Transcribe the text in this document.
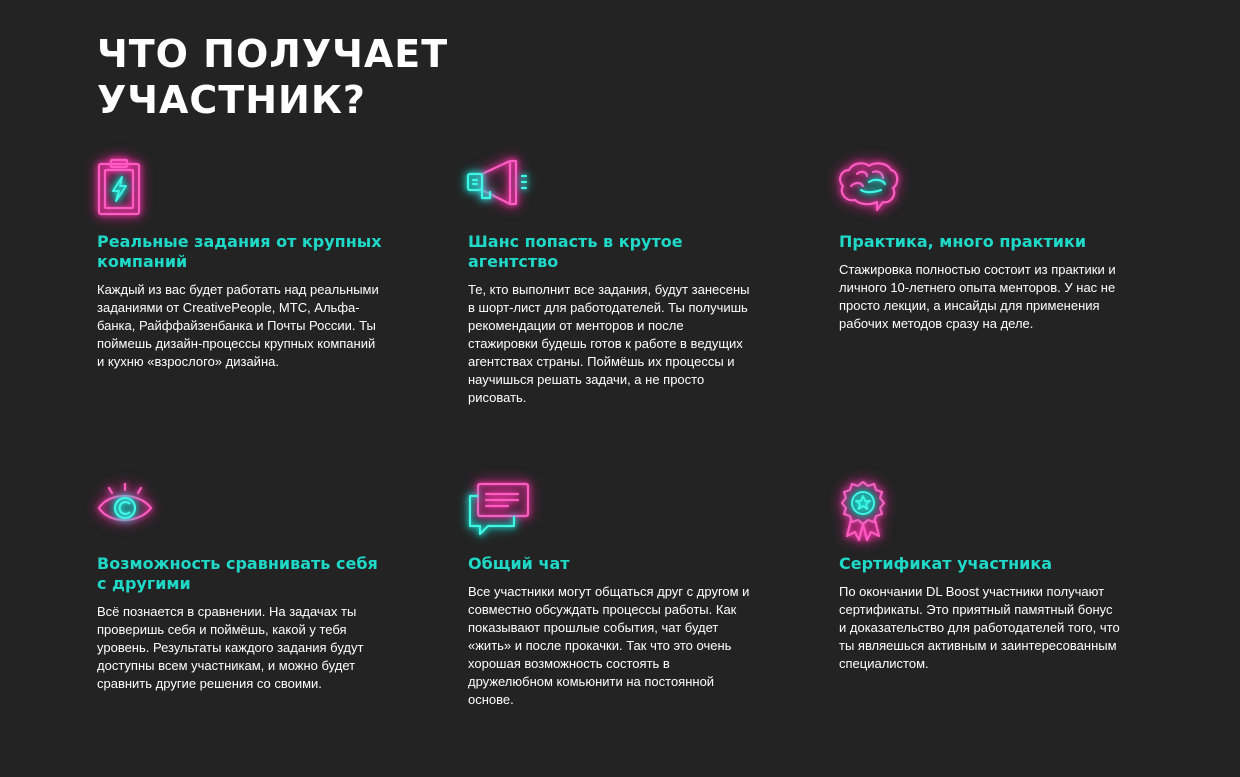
ЧТО ПОЛУЧАЕТ
УЧАСТНИК?
Реальные задания от крупных компаний

Каждый из вас будет работать над реальными заданиями от CreativePeople, МТС, Альфа-банка, Райффайзенбанка и Почты России. Ты поймешь дизайн-процессы крупных компаний и кухню «взрослого» дизайна.

Шанс попасть в крутое агентство

Те, кто выполнит все задания, будут занесены в шорт-лист для работодателей. Ты получишь рекомендации от менторов и после стажировки будешь готов к работе в ведущих агентствах страны. Поймёшь их процессы и научишься решать задачи, а не просто рисовать.

Практика, много практики

Стажировка полностью состоит из практики и личного 10-летнего опыта менторов. У нас не просто лекции, а инсайды для применения рабочих методов сразу на деле.

Возможность сравнивать себя с другими

Всё познается в сравнении. На задачах ты проверишь себя и поймёшь, какой у тебя уровень. Результаты каждого задания будут доступны всем участникам, и можно будет сравнить другие решения со своими.

Общий чат

Все участники могут общаться друг с другом и совместно обсуждать процессы работы. Как показывают прошлые события, чат будет «жить» и после прокачки. Так что это очень хорошая возможность состоять в дружелюбном комьюнити на постоянной основе.

Сертификат участника

По окончании DL Boost участники получают сертификаты. Это приятный памятный бонус и доказательство для работодателей того, что ты являешься активным и заинтересованным специалистом.
